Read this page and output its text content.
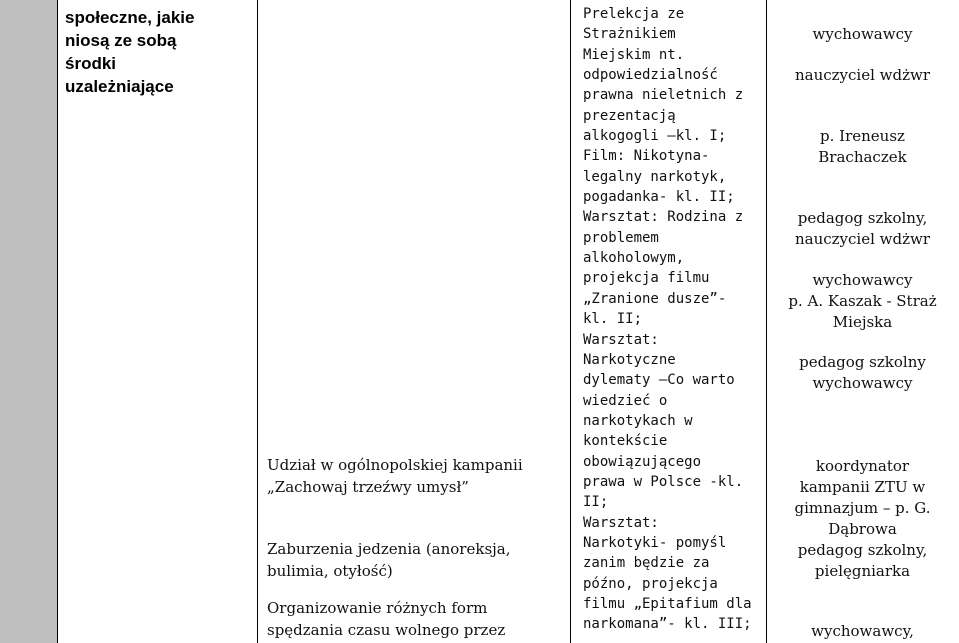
społeczne, jakie
niosą ze sobą
środki
uzależniające
Udział w ogólnopolskiej kampanii
„Zachowaj trzeźwy umysł”
Zaburzenia jedzenia (anoreksja,
bulimia, otyłość)
Organizowanie różnych form
spędzania czasu wolnego przez
Prelekcja ze
Strażnikiem
Miejskim nt.
odpowiedzialność
prawna nieletnich z
prezentacją
alkogogli –kl. I;
Film: Nikotyna-
legalny narkotyk,
pogadanka- kl. II;
Warsztat: Rodzina z
problemem
alkoholowym,
projekcja filmu
„Zranione dusze”-
kl. II;
Warsztat:
Narkotyczne
dylematy –Co warto
wiedzieć o
narkotykach w
kontekście
obowiązującego
prawa w Polsce -kl.
II;
Warsztat:
Narkotyki- pomyśl
zanim będzie za
późno, projekcja
filmu „Epitafium dla
narkomana”- kl. III;
wychowawcy
nauczyciel wdżwr
p. Ireneusz
Brachaczek
pedagog szkolny,
nauczyciel wdżwr
wychowawcy
p. A. Kaszak - Straż
Miejska
pedagog szkolny
wychowawcy
koordynator
kampanii ZTU w
gimnazjum – p. G.
Dąbrowa
pedagog szkolny,
pielęgniarka
wychowawcy,
